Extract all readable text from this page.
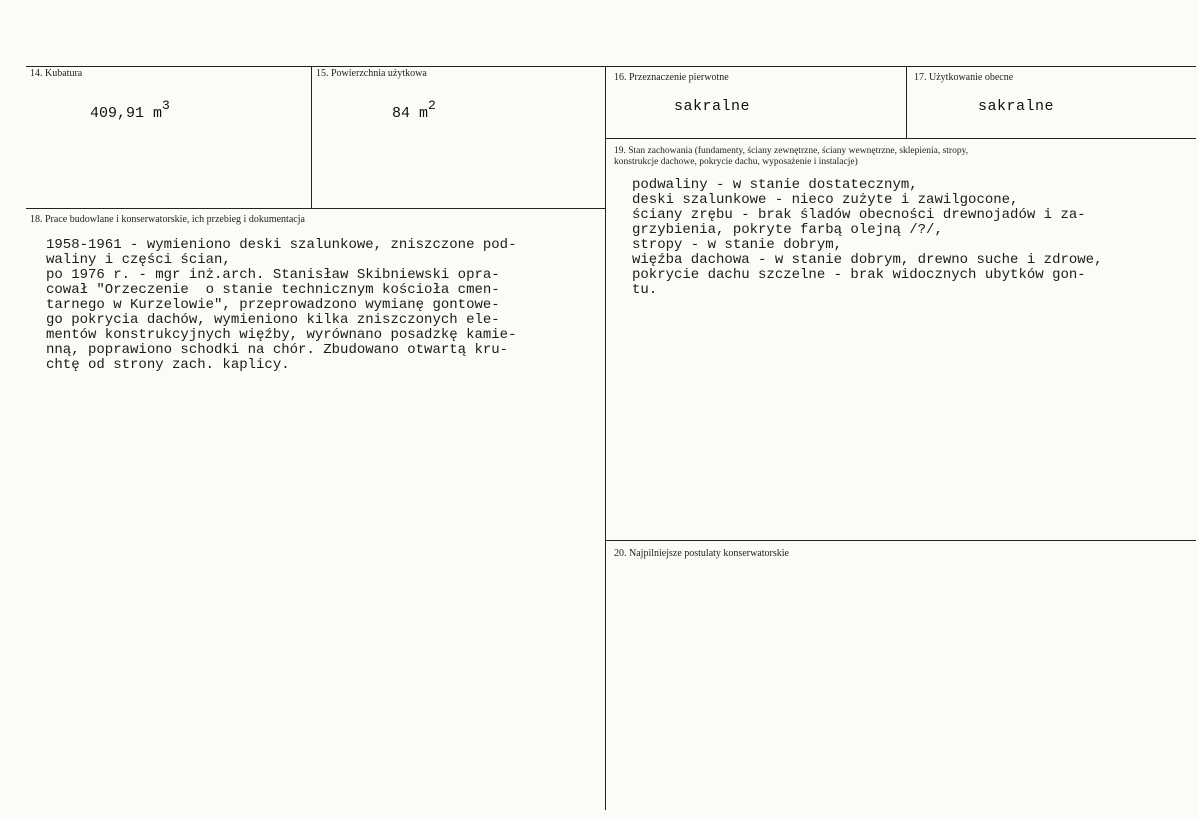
14. Kubatura
409,91 $m^3$
15. Powierzchnia użytkowa
84 $m^2$
16. Przeznaczenie pierwotne
sakralne
17. Użytkowanie obecne
sakralne
18. Prace budowlane i konserwatorskie, ich przebieg i dokumentacja
1958-1961 - wymieniono deski szalunkowe, zniszczone pod-
waliny i części ścian,
po 1976 r. - mgr inż.arch. Stanisław Skibniewski opra-
cował "Orzeczenie  o stanie technicznym kościoła cmen-
tarnego w Kurzelowie", przeprowadzono wymianę gontowe-
go pokrycia dachów, wymieniono kilka zniszczonych ele-
mentów konstrukcyjnych więźby, wyrównano posadzkę kamie-
nną, poprawiono schodki na chór. Zbudowano otwartą kru-
chtę od strony zach. kaplicy.
19. Stan zachowania (fundamenty, ściany zewnętrzne, ściany wewnętrzne, sklepienia, stropy,
konstrukcje dachowe, pokrycie dachu, wyposażenie i instalacje)
podwaliny - w stanie dostatecznym,
deski szalunkowe - nieco zużyte i zawilgocone,
ściany zrębu - brak śladów obecności drewnojadów i za-
grzybienia, pokryte farbą olejną /?/,
stropy - w stanie dobrym,
więźba dachowa - w stanie dobrym, drewno suche i zdrowe,
pokrycie dachu szczelne - brak widocznych ubytków gon-
tu.
20. Najpilniejsze postulaty konserwatorskie
